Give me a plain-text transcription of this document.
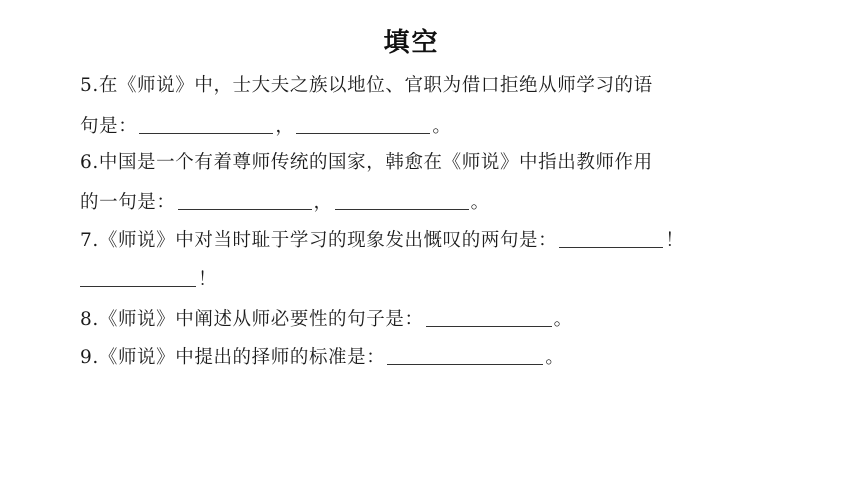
填空
5.在《师说》中，士大夫之族以地位、官职为借口拒绝从师学习的语
句是：	，	。
6.中国是一个有着尊师传统的国家，韩愈在《师说》中指出教师作用
的一句是：	，	。
7.《师说》中对当时耻于学习的现象发出慨叹的两句是：	！
！
8.《师说》中阐述从师必要性的句子是：	。
9.《师说》中提出的择师的标准是：	。
